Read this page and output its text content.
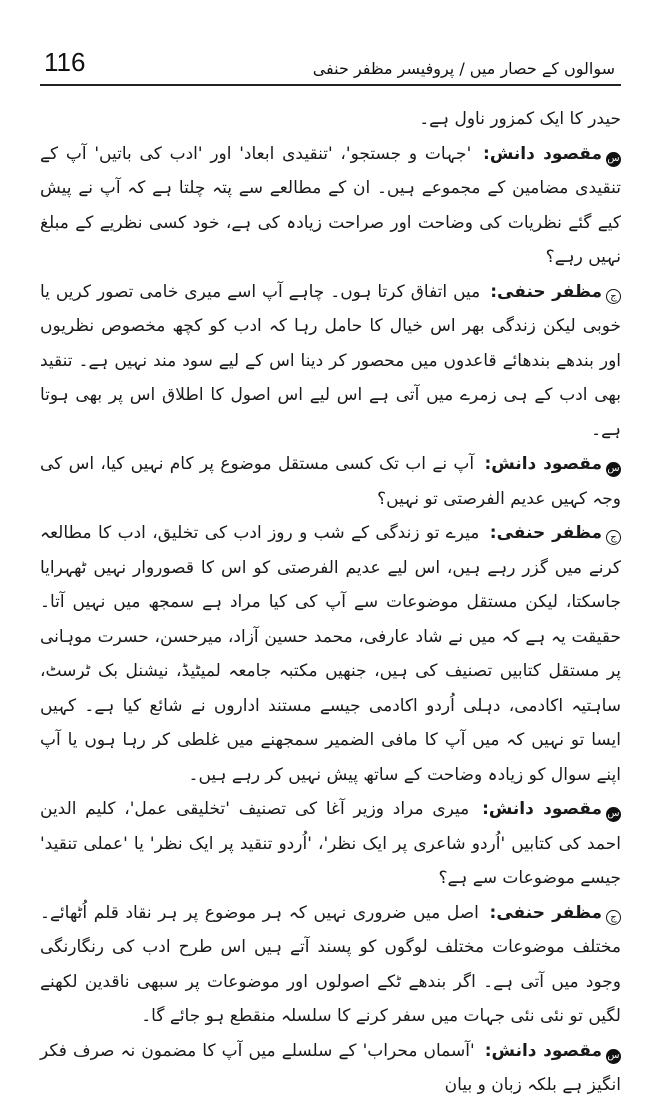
116	سوالوں کے حصار میں / پروفیسر مظفر حنفی

حیدر کا ایک کمزور ناول ہے۔

سمقصود دانش: 'جہات و جستجو'، 'تنقیدی ابعاد' اور 'ادب کی باتیں' آپ کے تنقیدی مضامین کے مجموعے ہیں۔ ان کے مطالعے سے پتہ چلتا ہے کہ آپ نے پیش کیے گئے نظریات کی وضاحت اور صراحت زیادہ کی ہے، خود کسی نظریے کے مبلغ نہیں رہے؟

جمظفر حنفی: میں اتفاق کرتا ہوں۔ چاہے آپ اسے میری خامی تصور کریں یا خوبی لیکن زندگی بھر اس خیال کا حامل رہا کہ ادب کو کچھ مخصوص نظریوں اور بندھے بندھائے قاعدوں میں محصور کر دینا اس کے لیے سود مند نہیں ہے۔ تنقید بھی ادب کے ہی زمرے میں آتی ہے اس لیے اس اصول کا اطلاق اس پر بھی ہوتا ہے۔

سمقصود دانش: آپ نے اب تک کسی مستقل موضوع پر کام نہیں کیا، اس کی وجہ کہیں عدیم الفرصتی تو نہیں؟

جمظفر حنفی: میرے تو زندگی کے شب و روز ادب کی تخلیق، ادب کا مطالعہ کرنے میں گزر رہے ہیں، اس لیے عدیم الفرصتی کو اس کا قصوروار نہیں ٹھہرایا جاسکتا، لیکن مستقل موضوعات سے آپ کی کیا مراد ہے سمجھ میں نہیں آتا۔ حقیقت یہ ہے کہ میں نے شاد عارفی، محمد حسین آزاد، میرحسن، حسرت موہانی پر مستقل کتابیں تصنیف کی ہیں، جنھیں مکتبہ جامعہ لمیٹیڈ، نیشنل بک ٹرسٹ، ساہتیہ اکادمی، دہلی اُردو اکادمی جیسے مستند اداروں نے شائع کیا ہے۔ کہیں ایسا تو نہیں کہ میں آپ کا مافی الضمیر سمجھنے میں غلطی کر رہا ہوں یا آپ اپنے سوال کو زیادہ وضاحت کے ساتھ پیش نہیں کر رہے ہیں۔

سمقصود دانش: میری مراد وزیر آغا کی تصنیف 'تخلیقی عمل'، کلیم الدین احمد کی کتابیں 'اُردو شاعری پر ایک نظر'، 'اُردو تنقید پر ایک نظر' یا 'عملی تنقید' جیسے موضوعات سے ہے؟

جمظفر حنفی: اصل میں ضروری نہیں کہ ہر موضوع پر ہر نقاد قلم اُٹھائے۔ مختلف موضوعات مختلف لوگوں کو پسند آتے ہیں اس طرح ادب کی رنگارنگی وجود میں آتی ہے۔ اگر بندھے ٹکے اصولوں اور موضوعات پر سبھی ناقدین لکھنے لگیں تو نئی نئی جہات میں سفر کرنے کا سلسلہ منقطع ہو جائے گا۔

سمقصود دانش: 'آسماں محراب' کے سلسلے میں آپ کا مضمون نہ صرف فکر انگیز ہے بلکہ زبان و بیان
